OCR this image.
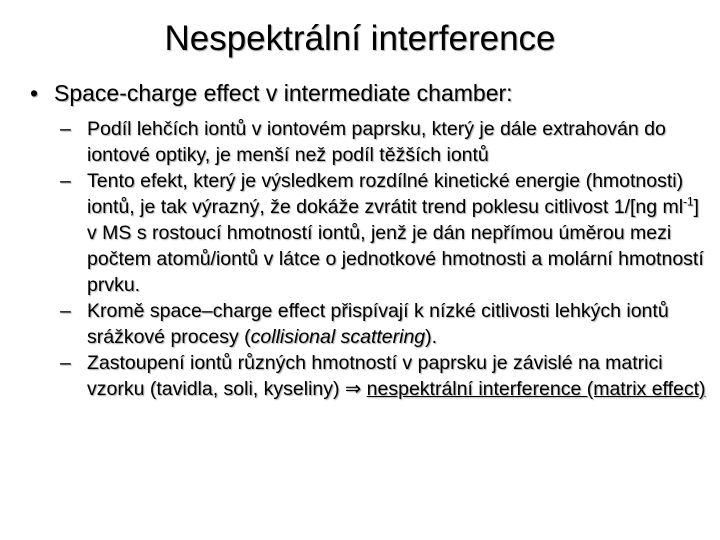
Nespektrální interference
• Space-charge effect v intermediate chamber:
– Podíl lehčích iontů v iontovém paprsku, který je dále extrahován do iontové optiky, je menší než podíl těžších iontů
– Tento efekt, který je výsledkem rozdílné kinetické energie (hmotnosti) iontů, je tak výrazný, že dokáže zvrátit trend poklesu citlivost 1/[ng $ml^{-1}$] v MS s rostoucí hmotností iontů, jenž je dán nepřímou úměrou mezi počtem atomů/iontů v látce o jednotkové hmotnosti a molární hmotností prvku.
– Kromě space–charge effect přispívají k nízké citlivosti lehkých iontů srážkové procesy (collisional scattering).
– Zastoupení iontů různých hmotností v paprsku je závislé na matrici vzorku (tavidla, soli, kyseliny) ⇒ nespektrální interference (matrix effect)
